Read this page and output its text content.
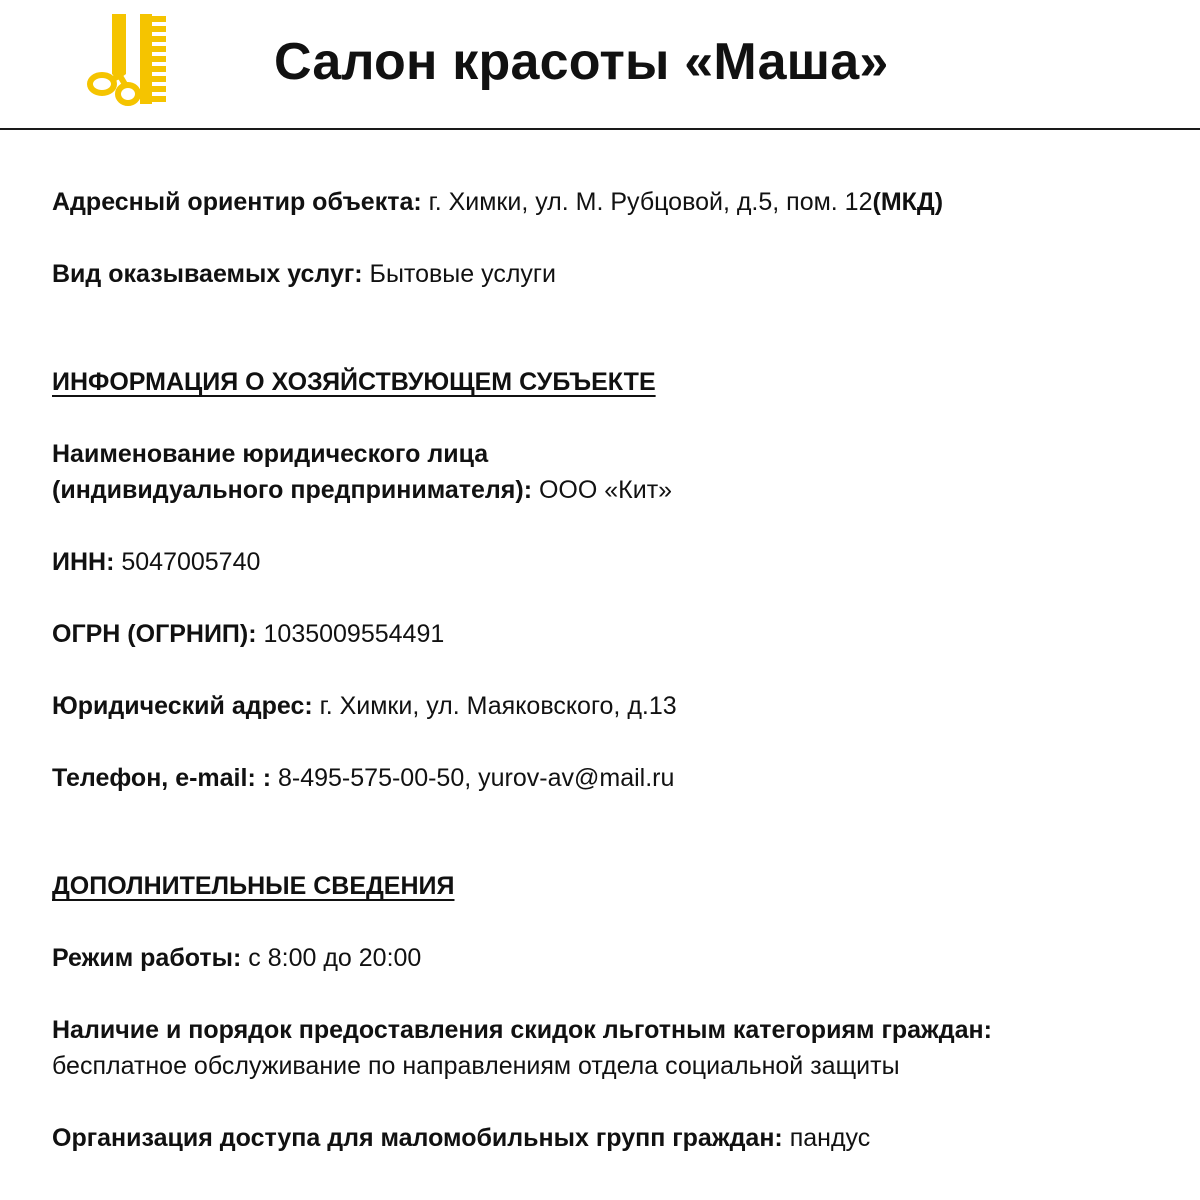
Салон красоты «Маша»
Адресный ориентир объекта: г. Химки, ул. М. Рубцовой, д.5, пом. 12(МКД)
Вид оказываемых услуг: Бытовые услуги
ИНФОРМАЦИЯ О ХОЗЯЙСТВУЮЩЕМ СУБЪЕКТЕ
Наименование юридического лица
(индивидуального предпринимателя): ООО «Кит»
ИНН: 5047005740
ОГРН (ОГРНИП): 1035009554491
Юридический адрес: г. Химки, ул. Маяковского, д.13
Телефон, e-mail: : 8-495-575-00-50, yurov-av@mail.ru
ДОПОЛНИТЕЛЬНЫЕ СВЕДЕНИЯ
Режим работы: с 8:00 до 20:00
Наличие и порядок предоставления скидок льготным категориям граждан:
бесплатное обслуживание по направлениям отдела социальной защиты
Организация доступа для маломобильных групп граждан: пандус
